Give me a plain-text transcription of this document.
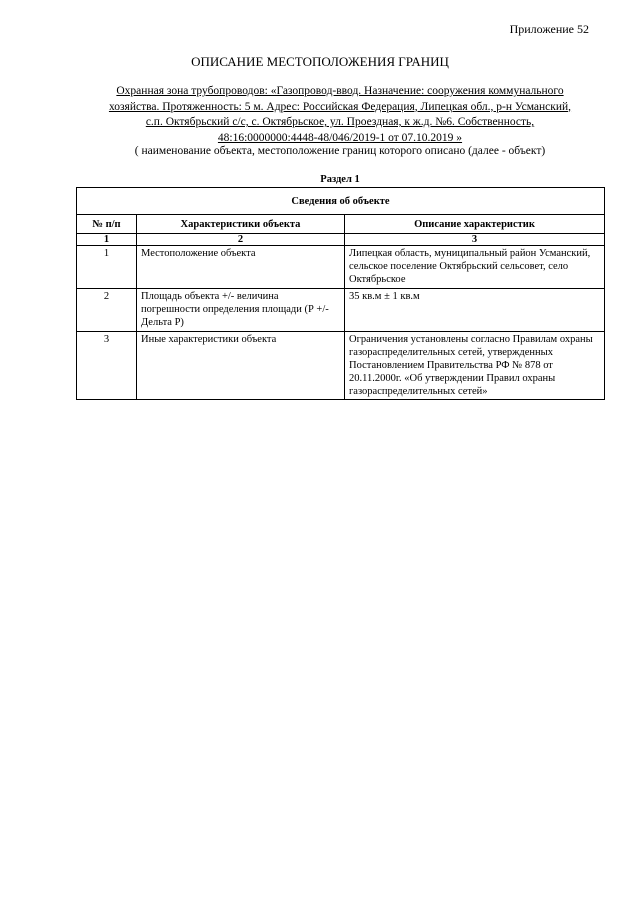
Приложение 52
ОПИСАНИЕ МЕСТОПОЛОЖЕНИЯ ГРАНИЦ
Охранная зона трубопроводов: «Газопровод-ввод. Назначение: сооружения коммунального
хозяйства. Протяженность: 5 м. Адрес: Российская Федерация, Липецкая обл., р-н Усманский,
с.п. Октябрьский с/с, с. Октябрьское, ул. Проездная, к ж.д. №6. Собственность,
48:16:0000000:4448-48/046/2019-1 от 07.10.2019 »
( наименование объекта, местоположение границ которого описано (далее - объект)
Раздел 1
Сведения об объекте		
№ п/п	Характеристики объекта	Описание характеристик
1	2	3
1	Местоположение объекта	Липецкая область, муниципальный район Усманский, сельское поселение Октябрьский сельсовет, село Октябрьское
2	Площадь объекта +/- величина погрешности определения площади (Р +/- Дельта Р)	35 кв.м ± 1 кв.м
3	Иные характеристики объекта	Ограничения установлены согласно Правилам охраны газораспределительных сетей, утвержденных Постановлением Правительства РФ № 878 от 20.11.2000г. «Об утверждении Правил охраны газораспределительных сетей»
